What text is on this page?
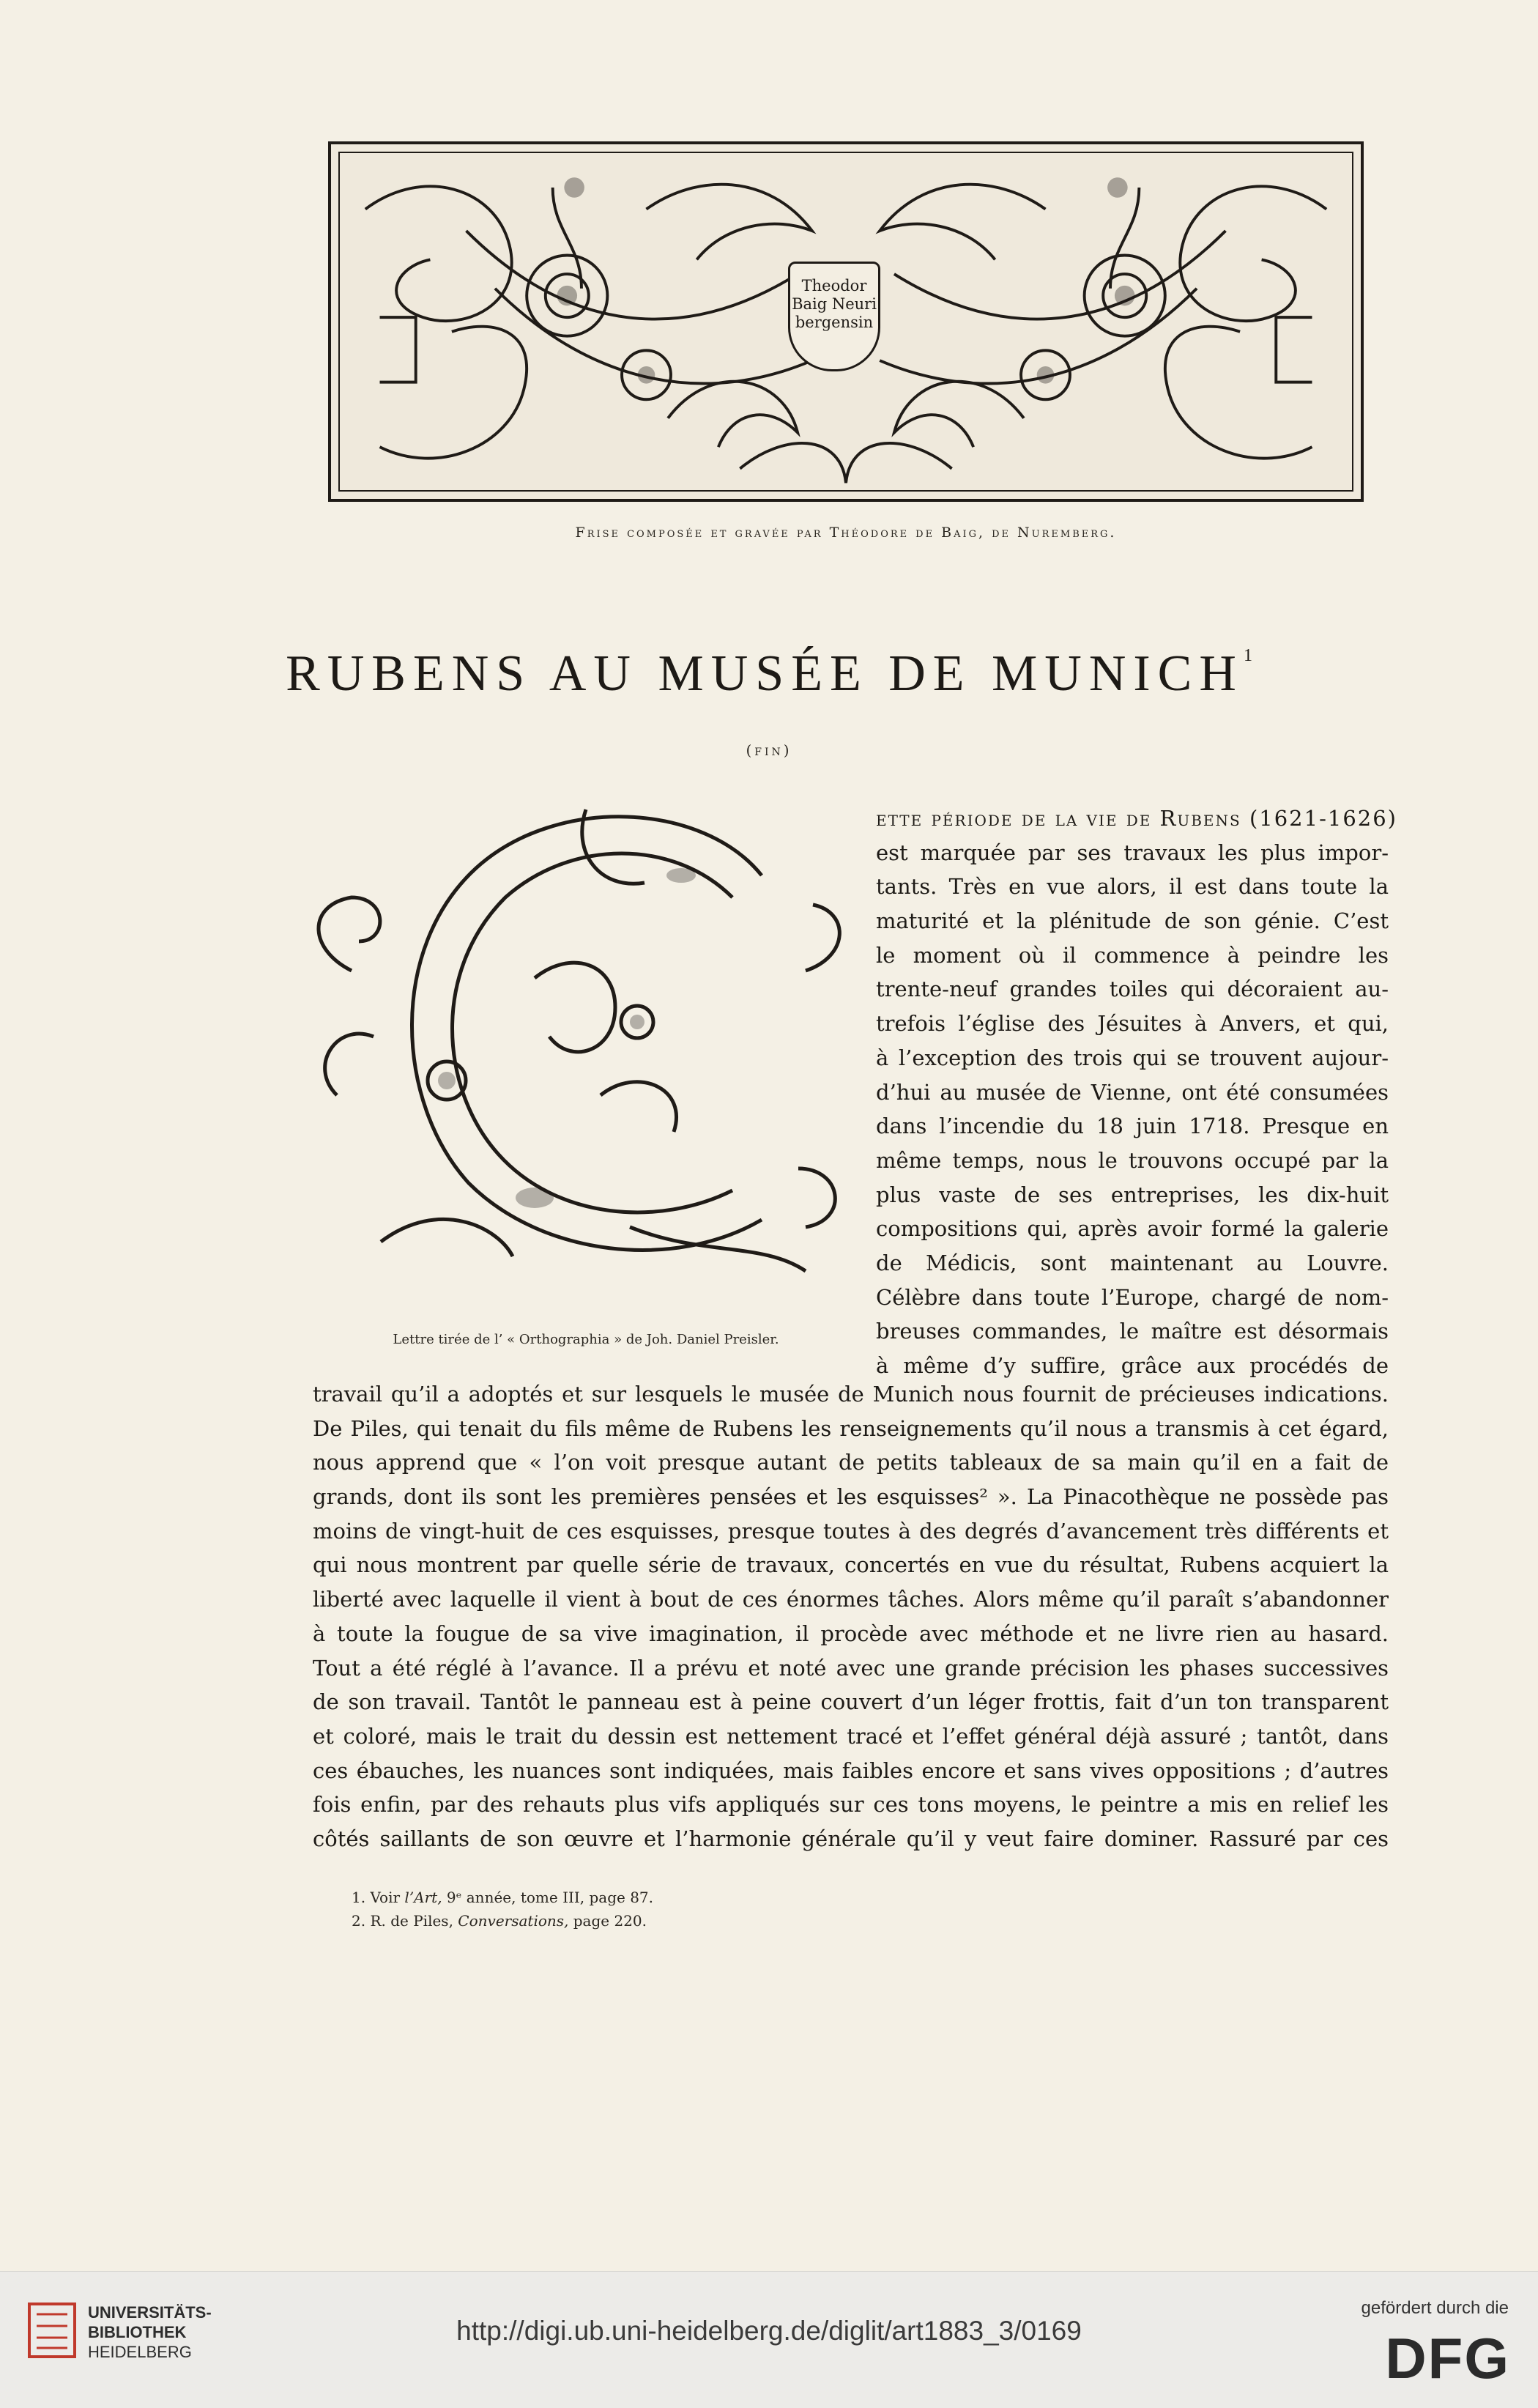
Theodor
Baig Neuri
bergensin
Frise composée et gravée par Théodore de Baig, de Nuremberg.
RUBENS AU MUSÉE DE MUNICH$^1$
(fin)
Lettre tirée de l’ « Orthographia » de Joh. Daniel Preisler.
ette période de la vie de Rubens (1621-1626)
est marquée par ses travaux les plus impor-
tants. Très en vue alors, il est dans toute la
maturité et la plénitude de son génie. C’est
le moment où il commence à peindre les
trente-neuf grandes toiles qui décoraient au-
trefois l’église des Jésuites à Anvers, et qui,
à l’exception des trois qui se trouvent aujour-
d’hui au musée de Vienne, ont été consumées
dans l’incendie du 18 juin 1718. Presque en
même temps, nous le trouvons occupé par la
plus vaste de ses entreprises, les dix-huit
compositions qui, après avoir formé la galerie
de Médicis, sont maintenant au Louvre.
Célèbre dans toute l’Europe, chargé de nom-
breuses commandes, le maître est désormais
à même d’y suffire, grâce aux procédés de
travail qu’il a adoptés et sur lesquels le musée de Munich nous fournit de précieuses indications.
De Piles, qui tenait du fils même de Rubens les renseignements qu’il nous a transmis à cet égard,
nous apprend que « l’on voit presque autant de petits tableaux de sa main qu’il en a fait de
grands, dont ils sont les premières pensées et les esquisses² ». La Pinacothèque ne possède pas
moins de vingt-huit de ces esquisses, presque toutes à des degrés d’avancement très différents et
qui nous montrent par quelle série de travaux, concertés en vue du résultat, Rubens acquiert la
liberté avec laquelle il vient à bout de ces énormes tâches. Alors même qu’il paraît s’abandonner
à toute la fougue de sa vive imagination, il procède avec méthode et ne livre rien au hasard.
Tout a été réglé à l’avance. Il a prévu et noté avec une grande précision les phases successives
de son travail. Tantôt le panneau est à peine couvert d’un léger frottis, fait d’un ton transparent
et coloré, mais le trait du dessin est nettement tracé et l’effet général déjà assuré ; tantôt, dans
ces ébauches, les nuances sont indiquées, mais faibles encore et sans vives oppositions ; d’autres
fois enfin, par des rehauts plus vifs appliqués sur ces tons moyens, le peintre a mis en relief les
côtés saillants de son œuvre et l’harmonie générale qu’il y veut faire dominer. Rassuré par ces
1. Voir l’Art, 9ᵉ année, tome III, page 87.
2. R. de Piles, Conversations, page 220.
UNIVERSITÄTS-
BIBLIOTHEK
HEIDELBERG
http://digi.ub.uni-heidelberg.de/diglit/art1883_3/0169
gefördert durch die
DFG
